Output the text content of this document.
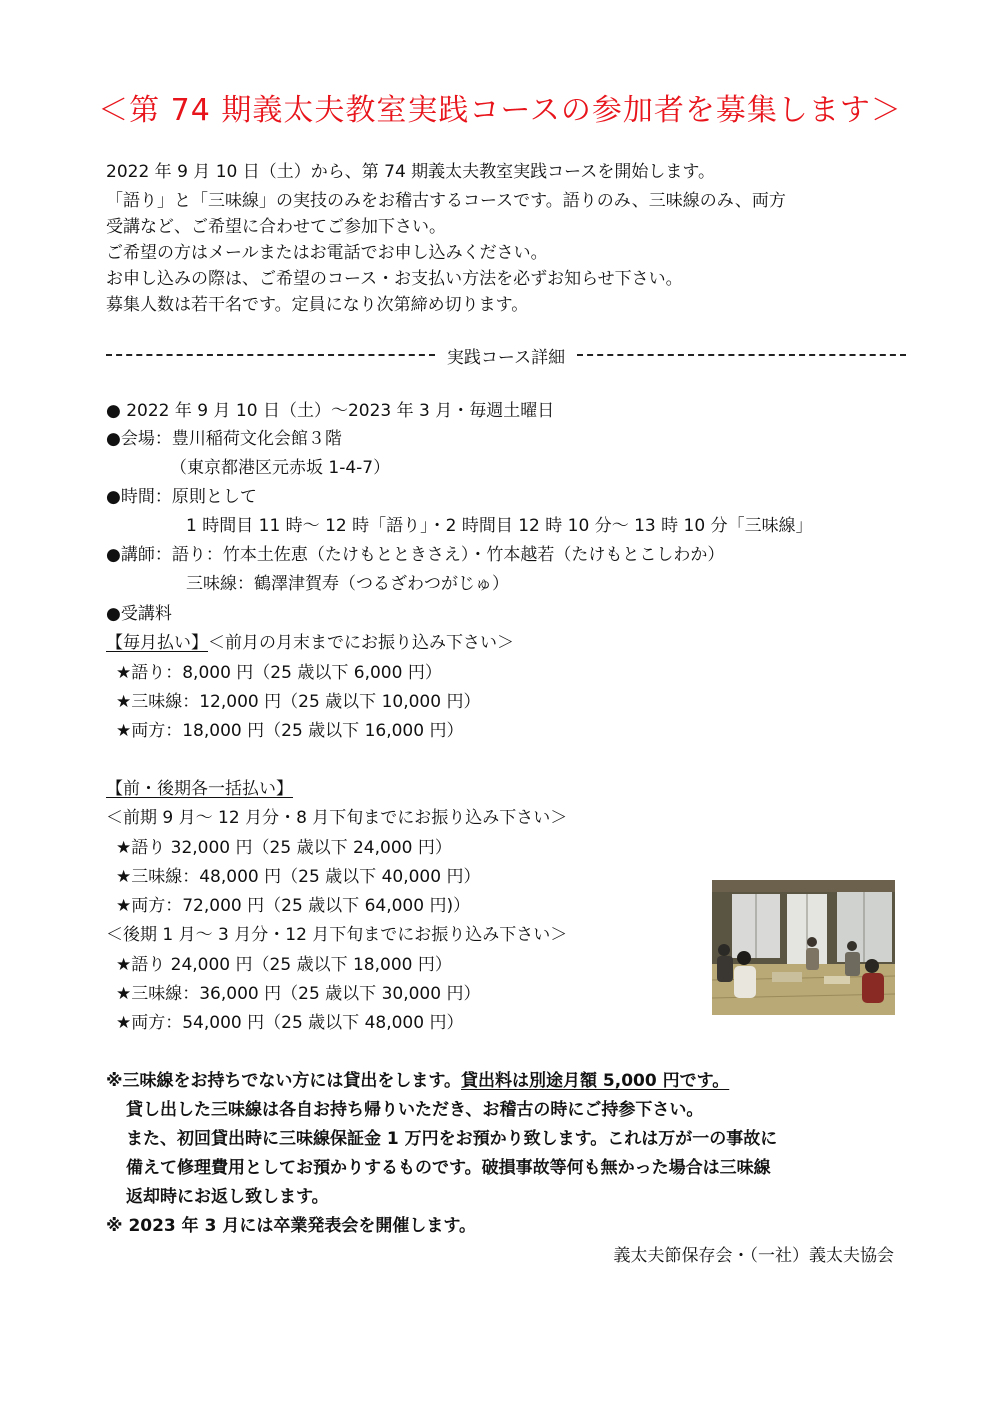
＜第 74 期義太夫教室実践コースの参加者を募集します＞
2022 年 9 月 10 日（土）から、第 74 期義太夫教室実践コースを開始します。
「語り」と「三味線」の実技のみをお稽古するコースです。語りのみ、三味線のみ、両方
受講など、ご希望に合わせてご参加下さい。
ご希望の方はメールまたはお電話でお申し込みください。
お申し込みの際は、ご希望のコース・お支払い方法を必ずお知らせ下さい。
募集人数は若干名です。定員になり次第締め切ります。
実践コース詳細
● 2022 年 9 月 10 日（土）～2023 年 3 月・毎週土曜日
●会場：豊川稲荷文化会館３階
（東京都港区元赤坂 1-4-7）
●時間：原則として
1 時間目 11 時～ 12 時「語り」・2 時間目 12 時 10 分～ 13 時 10 分「三味線」
●講師：語り：竹本土佐恵（たけもとときさえ）・竹本越若（たけもとこしわか）
三味線：鶴澤津賀寿（つるざわつがじゅ）
●受講料
【毎月払い】＜前月の月末までにお振り込み下さい＞
★語り：8,000 円（25 歳以下 6,000 円）
★三味線：12,000 円（25 歳以下 10,000 円）
★両方：18,000 円（25 歳以下 16,000 円）
【前・後期各一括払い】
＜前期 9 月～ 12 月分・8 月下旬までにお振り込み下さい＞
★語り 32,000 円（25 歳以下 24,000 円）
★三味線：48,000 円（25 歳以下 40,000 円）
★両方：72,000 円（25 歳以下 64,000 円)）
＜後期 1 月～ 3 月分・12 月下旬までにお振り込み下さい＞
★語り 24,000 円（25 歳以下 18,000 円）
★三味線：36,000 円（25 歳以下 30,000 円）
★両方：54,000 円（25 歳以下 48,000 円）
※三味線をお持ちでない方には貸出をします。貸出料は別途月額 5,000 円です。
貸し出した三味線は各自お持ち帰りいただき、お稽古の時にご持参下さい。
また、初回貸出時に三味線保証金 1 万円をお預かり致します。これは万が一の事故に
備えて修理費用としてお預かりするものです。破損事故等何も無かった場合は三味線
返却時にお返し致します。
※ 2023 年 3 月には卒業発表会を開催します。
義太夫節保存会・（一社）義太夫協会
